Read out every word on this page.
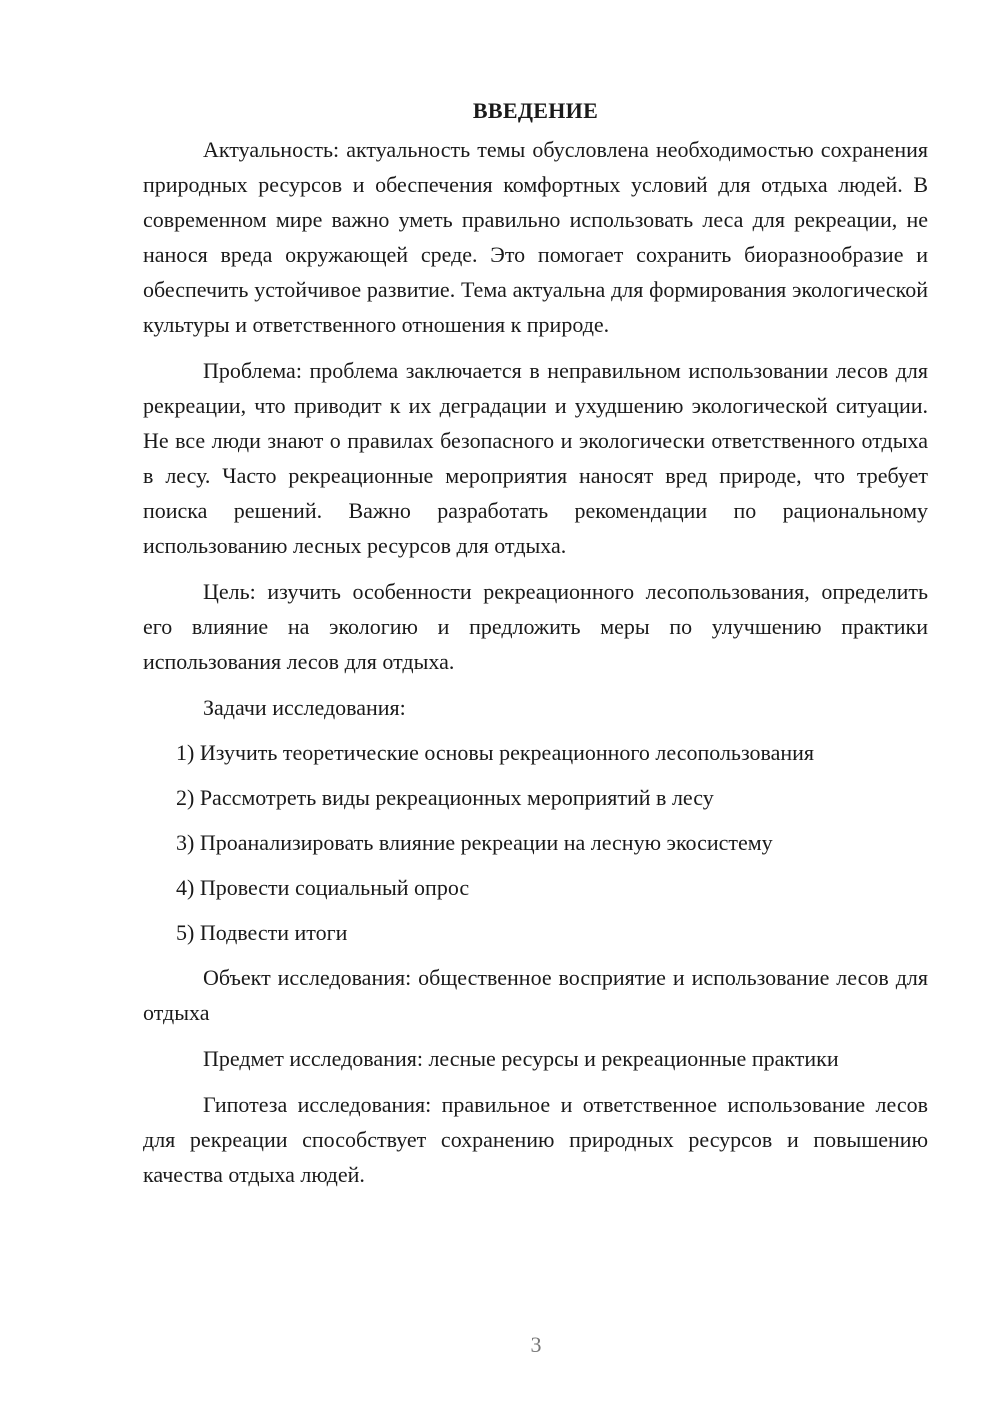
ВВЕДЕНИЕ

Актуальность: актуальность темы обусловлена необходимостью сохранения природных ресурсов и обеспечения комфортных условий для отдыха людей. В современном мире важно уметь правильно использовать леса для рекреации, не нанося вреда окружающей среде. Это помогает сохранить биоразнообразие и обеспечить устойчивое развитие. Тема актуальна для формирования экологической культуры и ответственного отношения к природе.

Проблема: проблема заключается в неправильном использовании лесов для рекреации, что приводит к их деградации и ухудшению экологической ситуации. Не все люди знают о правилах безопасного и экологически ответственного отдыха в лесу. Часто рекреационные мероприятия наносят вред природе, что требует поиска решений. Важно разработать рекомендации по рациональному использованию лесных ресурсов для отдыха.

Цель: изучить особенности рекреационного лесопользования, определить его влияние на экологию и предложить меры по улучшению практики использования лесов для отдыха.

Задачи исследования:

1) Изучить теоретические основы рекреационного лесопользования
2) Рассмотреть виды рекреационных мероприятий в лесу
3) Проанализировать влияние рекреации на лесную экосистему
4) Провести социальный опрос
5) Подвести итоги

Объект исследования: общественное восприятие и использование лесов для отдыха

Предмет исследования: лесные ресурсы и рекреационные практики

Гипотеза исследования: правильное и ответственное использование лесов для рекреации способствует сохранению природных ресурсов и повышению качества отдыха людей.

3
